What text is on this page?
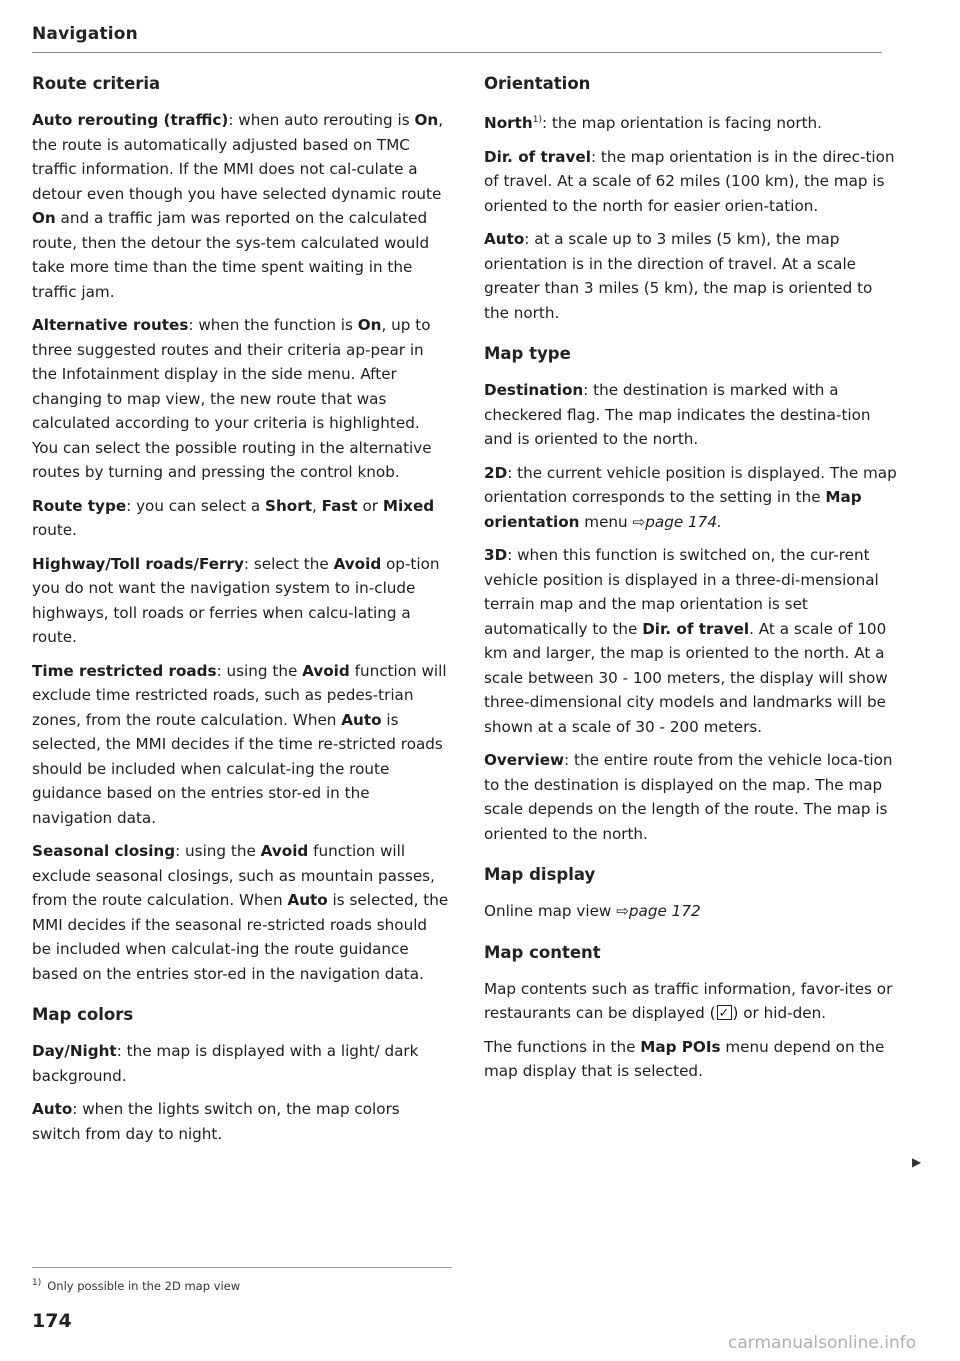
Navigation
Route criteria

Auto rerouting (traffic): when auto rerouting is On, the route is automatically adjusted based on TMC traffic information. If the MMI does not cal-culate a detour even though you have selected dynamic route On and a traffic jam was reported on the calculated route, then the detour the sys-tem calculated would take more time than the time spent waiting in the traffic jam.

Alternative routes: when the function is On, up to three suggested routes and their criteria ap-pear in the Infotainment display in the side menu. After changing to map view, the new route that was calculated according to your criteria is highlighted. You can select the possible routing in the alternative routes by turning and pressing the control knob.

Route type: you can select a Short, Fast or Mixed route.

Highway/Toll roads/Ferry: select the Avoid op-tion you do not want the navigation system to in-clude highways, toll roads or ferries when calcu-lating a route.

Time restricted roads: using the Avoid function will exclude time restricted roads, such as pedes-trian zones, from the route calculation. When Auto is selected, the MMI decides if the time re-stricted roads should be included when calculat-ing the route guidance based on the entries stor-ed in the navigation data.

Seasonal closing: using the Avoid function will exclude seasonal closings, such as mountain passes, from the route calculation. When Auto is selected, the MMI decides if the seasonal re-stricted roads should be included when calculat-ing the route guidance based on the entries stor-ed in the navigation data.

Map colors

Day/Night: the map is displayed with a light/ dark background.

Auto: when the lights switch on, the map colors switch from day to night.

Orientation

North$^{1)}$: the map orientation is facing north.

Dir. of travel: the map orientation is in the direc-tion of travel. At a scale of 62 miles (100 km), the map is oriented to the north for easier orien-tation.

Auto: at a scale up to 3 miles (5 km), the map orientation is in the direction of travel. At a scale greater than 3 miles (5 km), the map is oriented to the north.

Map type

Destination: the destination is marked with a checkered flag. The map indicates the destina-tion and is oriented to the north.

2D: the current vehicle position is displayed. The map orientation corresponds to the setting in the Map orientation menu ⇨page 174.

3D: when this function is switched on, the cur-rent vehicle position is displayed in a three-di-mensional terrain map and the map orientation is set automatically to the Dir. of travel. At a scale of 100 km and larger, the map is oriented to the north. At a scale between 30 - 100 meters, the display will show three-dimensional city models and landmarks will be shown at a scale of 30 - 200 meters.

Overview: the entire route from the vehicle loca-tion to the destination is displayed on the map. The map scale depends on the length of the route. The map is oriented to the north.

Map display

Online map view ⇨page 172

Map content

Map contents such as traffic information, favor-ites or restaurants can be displayed (✓ ) or hid-den.

The functions in the Map POIs menu depend on the map display that is selected.

▶
$^{1)}$ Only possible in the 2D map view
174
carmanualsonline.info
